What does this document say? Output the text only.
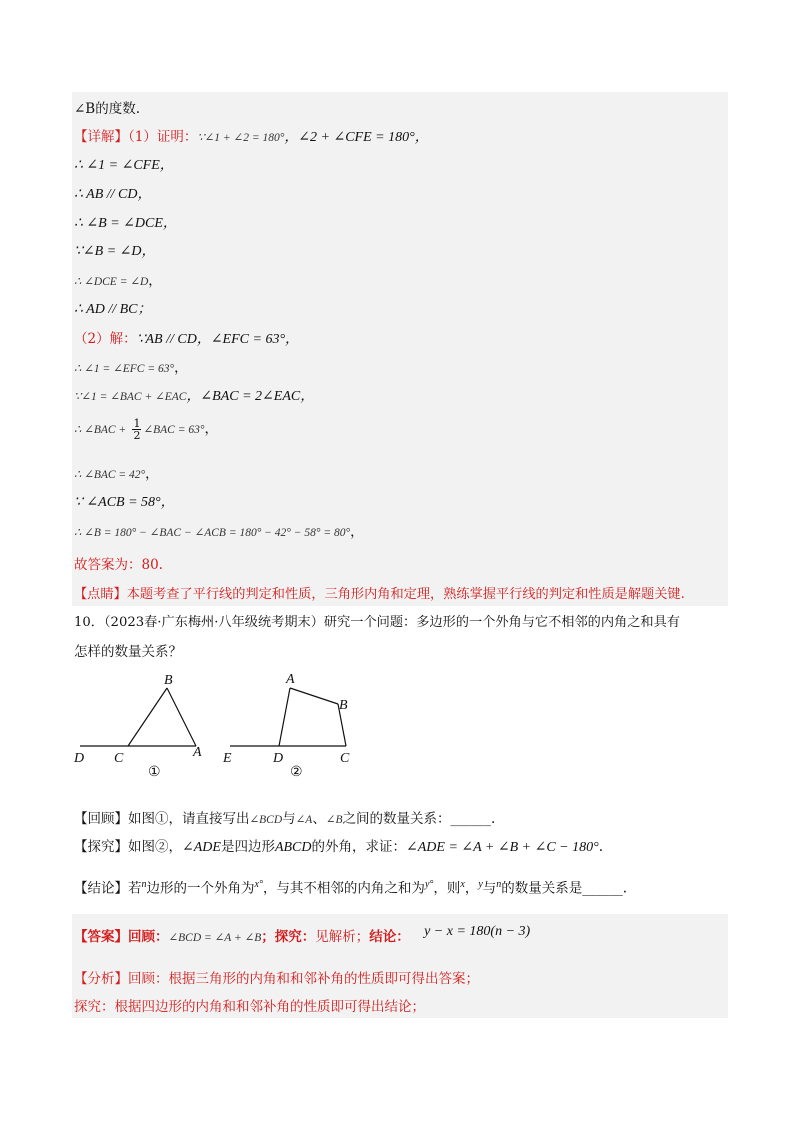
∠B的度数.
【详解】（1）证明：∵∠1 + ∠2 = 180°，∠2 + ∠CFE = 180°，
∴ ∠1 = ∠CFE，
∴ AB // CD，
∴ ∠B = ∠DCE，
∵∠B = ∠D，
∴ ∠DCE = ∠D，
∴ AD // BC；
（2）解：∵AB // CD，∠EFC = 63°，
∴ ∠1 = ∠EFC = 63°，
∵∠1 = ∠BAC + ∠EAC，∠BAC = 2∠EAC，
∴ ∠BAC + $\frac{1}{2}$ ∠BAC = 63°，
∴ ∠BAC = 42°，
∵ ∠ACB = 58°，
∴ ∠B = 180° − ∠BAC − ∠ACB = 180° − 42° − 58° = 80°，
故答案为：80.
【点睛】本题考查了平行线的判定和性质，三角形内角和定理，熟练掌握平行线的判定和性质是解题关键.
10．（2023春·广东梅州·八年级统考期末）研究一个问题：多边形的一个外角与它不相邻的内角之和具有
怎样的数量关系？
B
D C	A
①
A
B
E	D	C
②
【回顾】如图①，请直接写出∠BCD与∠A、∠B之间的数量关系：______.
【探究】如图②，∠ADE是四边形ABCD的外角，求证：∠ADE = ∠A + ∠B + ∠C − 180°.
【结论】若$^n$边形的一个外角为$^{x^\circ}$，与其不相邻的内角之和为$^{y^\circ}$，则$^x$，$^y$与$^n$的数量关系是______.
【答案】回顾：∠BCD = ∠A + ∠B；探究：见解析；结论： y − x = 180(n − 3)
【分析】回顾：根据三角形的内角和和邻补角的性质即可得出答案；
探究：根据四边形的内角和和邻补角的性质即可得出结论；
